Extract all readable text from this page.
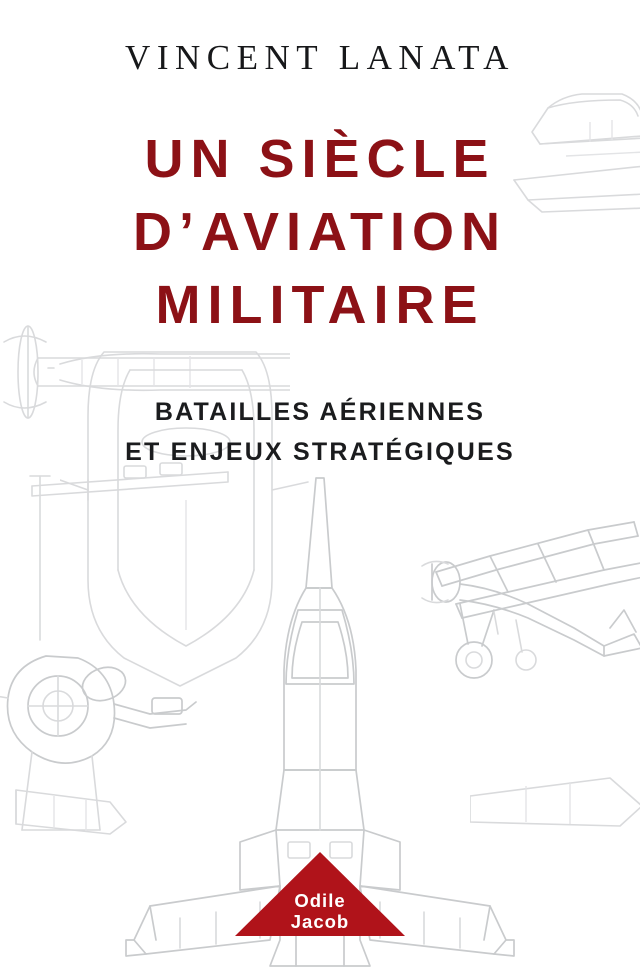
VINCENT LANATA
UN SIÈCLE
D’AVIATION
MILITAIRE
BATAILLES AÉRIENNES
ET ENJEUX STRATÉGIQUES
Odile
Jacob
